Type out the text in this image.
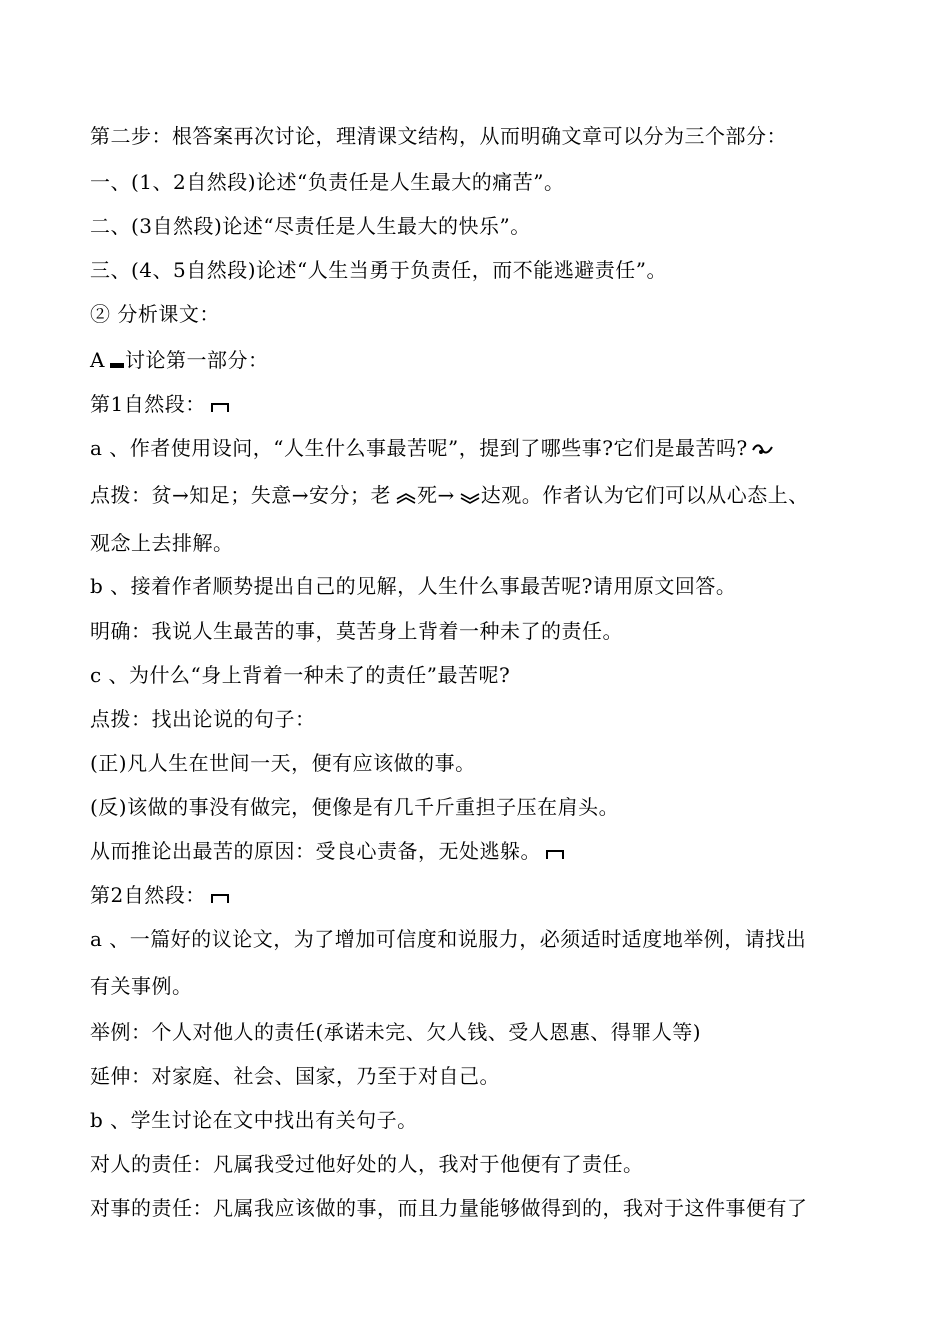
第二步：根答案再次讨论，理清课文结构，从而明确文章可以分为三个部分：
一、(1、2自然段)论述“负责任是人生最大的痛苦”。
二、(3自然段)论述“尽责任是人生最大的快乐”。
三、(4、5自然段)论述“人生当勇于负责任，而不能逃避责任”。
② 分析课文：
A 讨论第一部分：
第1自然段：
a 、作者使用设问，“人生什么事最苦呢”，提到了哪些事?它们是最苦吗?
点拨：贫→知足；失意→安分；老 死→ 达观。作者认为它们可以从心态上、
观念上去排解。
b 、接着作者顺势提出自己的见解，人生什么事最苦呢?请用原文回答。
明确：我说人生最苦的事，莫苦身上背着一种未了的责任。
c 、为什么“身上背着一种未了的责任”最苦呢?
点拨：找出论说的句子：
(正)凡人生在世间一天，便有应该做的事。
(反)该做的事没有做完，便像是有几千斤重担子压在肩头。
从而推论出最苦的原因：受良心责备，无处逃躲。
第2自然段：
a 、一篇好的议论文，为了增加可信度和说服力，必须适时适度地举例，请找出
有关事例。
举例：个人对他人的责任(承诺未完、欠人钱、受人恩惠、得罪人等)
延伸：对家庭、社会、国家，乃至于对自己。
b 、学生讨论在文中找出有关句子。
对人的责任：凡属我受过他好处的人，我对于他便有了责任。
对事的责任：凡属我应该做的事，而且力量能够做得到的，我对于这件事便有了
